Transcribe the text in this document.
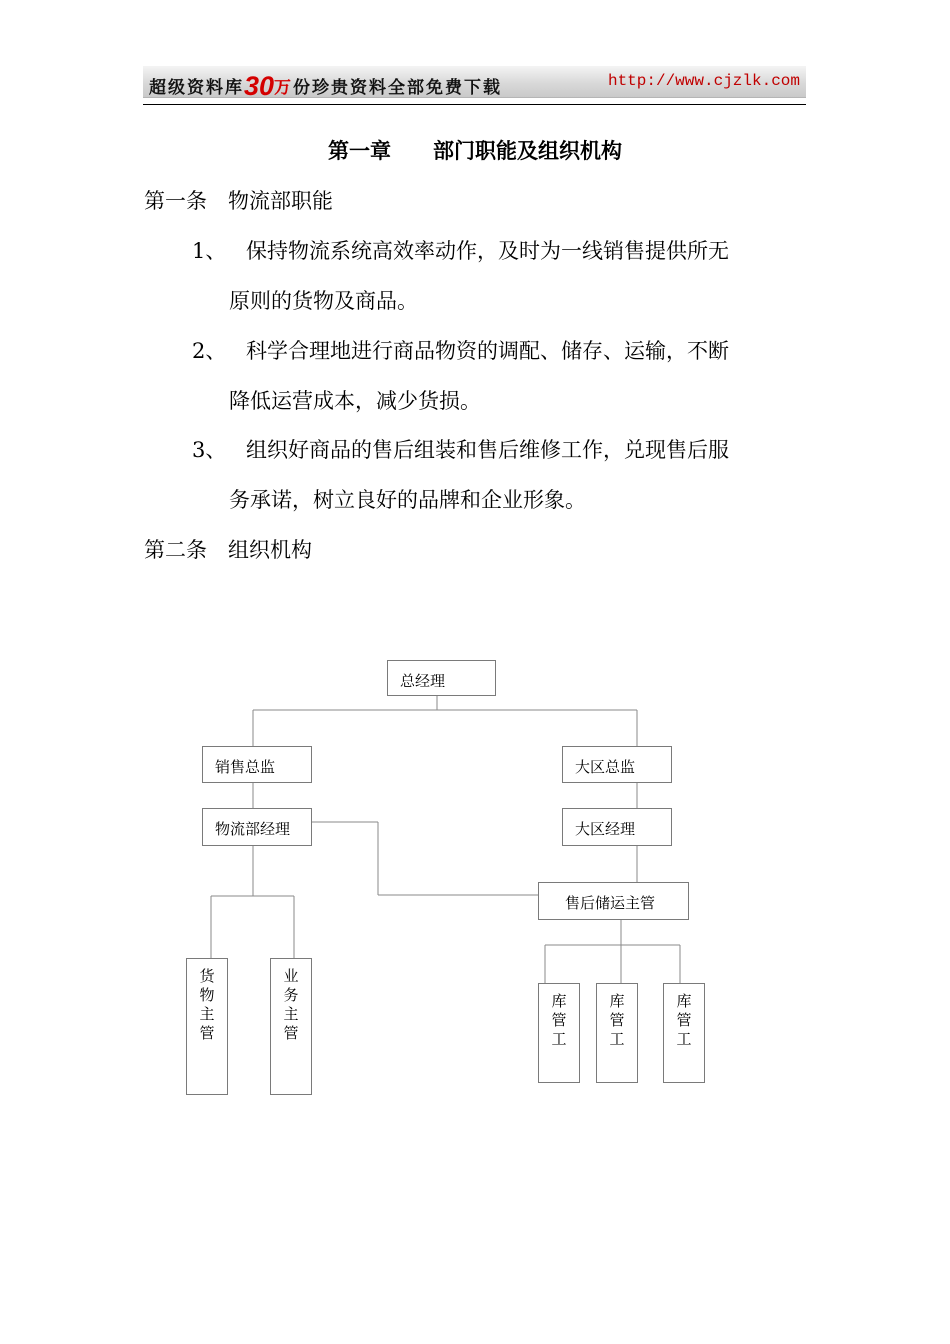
超级资料库30万份珍贵资料全部免费下载	http://www.cjzlk.com
第一章　　部门职能及组织机构
第一条　物流部职能
1、 保持物流系统高效率动作，及时为一线销售提供所无
原则的货物及商品。
2、 科学合理地进行商品物资的调配、储存、运输，不断
降低运营成本，减少货损。
3、 组织好商品的售后组装和售后维修工作，兑现售后服
务承诺，树立良好的品牌和企业形象。
第二条　组织机构
总经理
销售总监	大区总监
物流部经理	大区经理
售后储运主管
货
物
主
管
业
务
主
管
库
管
工
库
管
工
库
管
工
